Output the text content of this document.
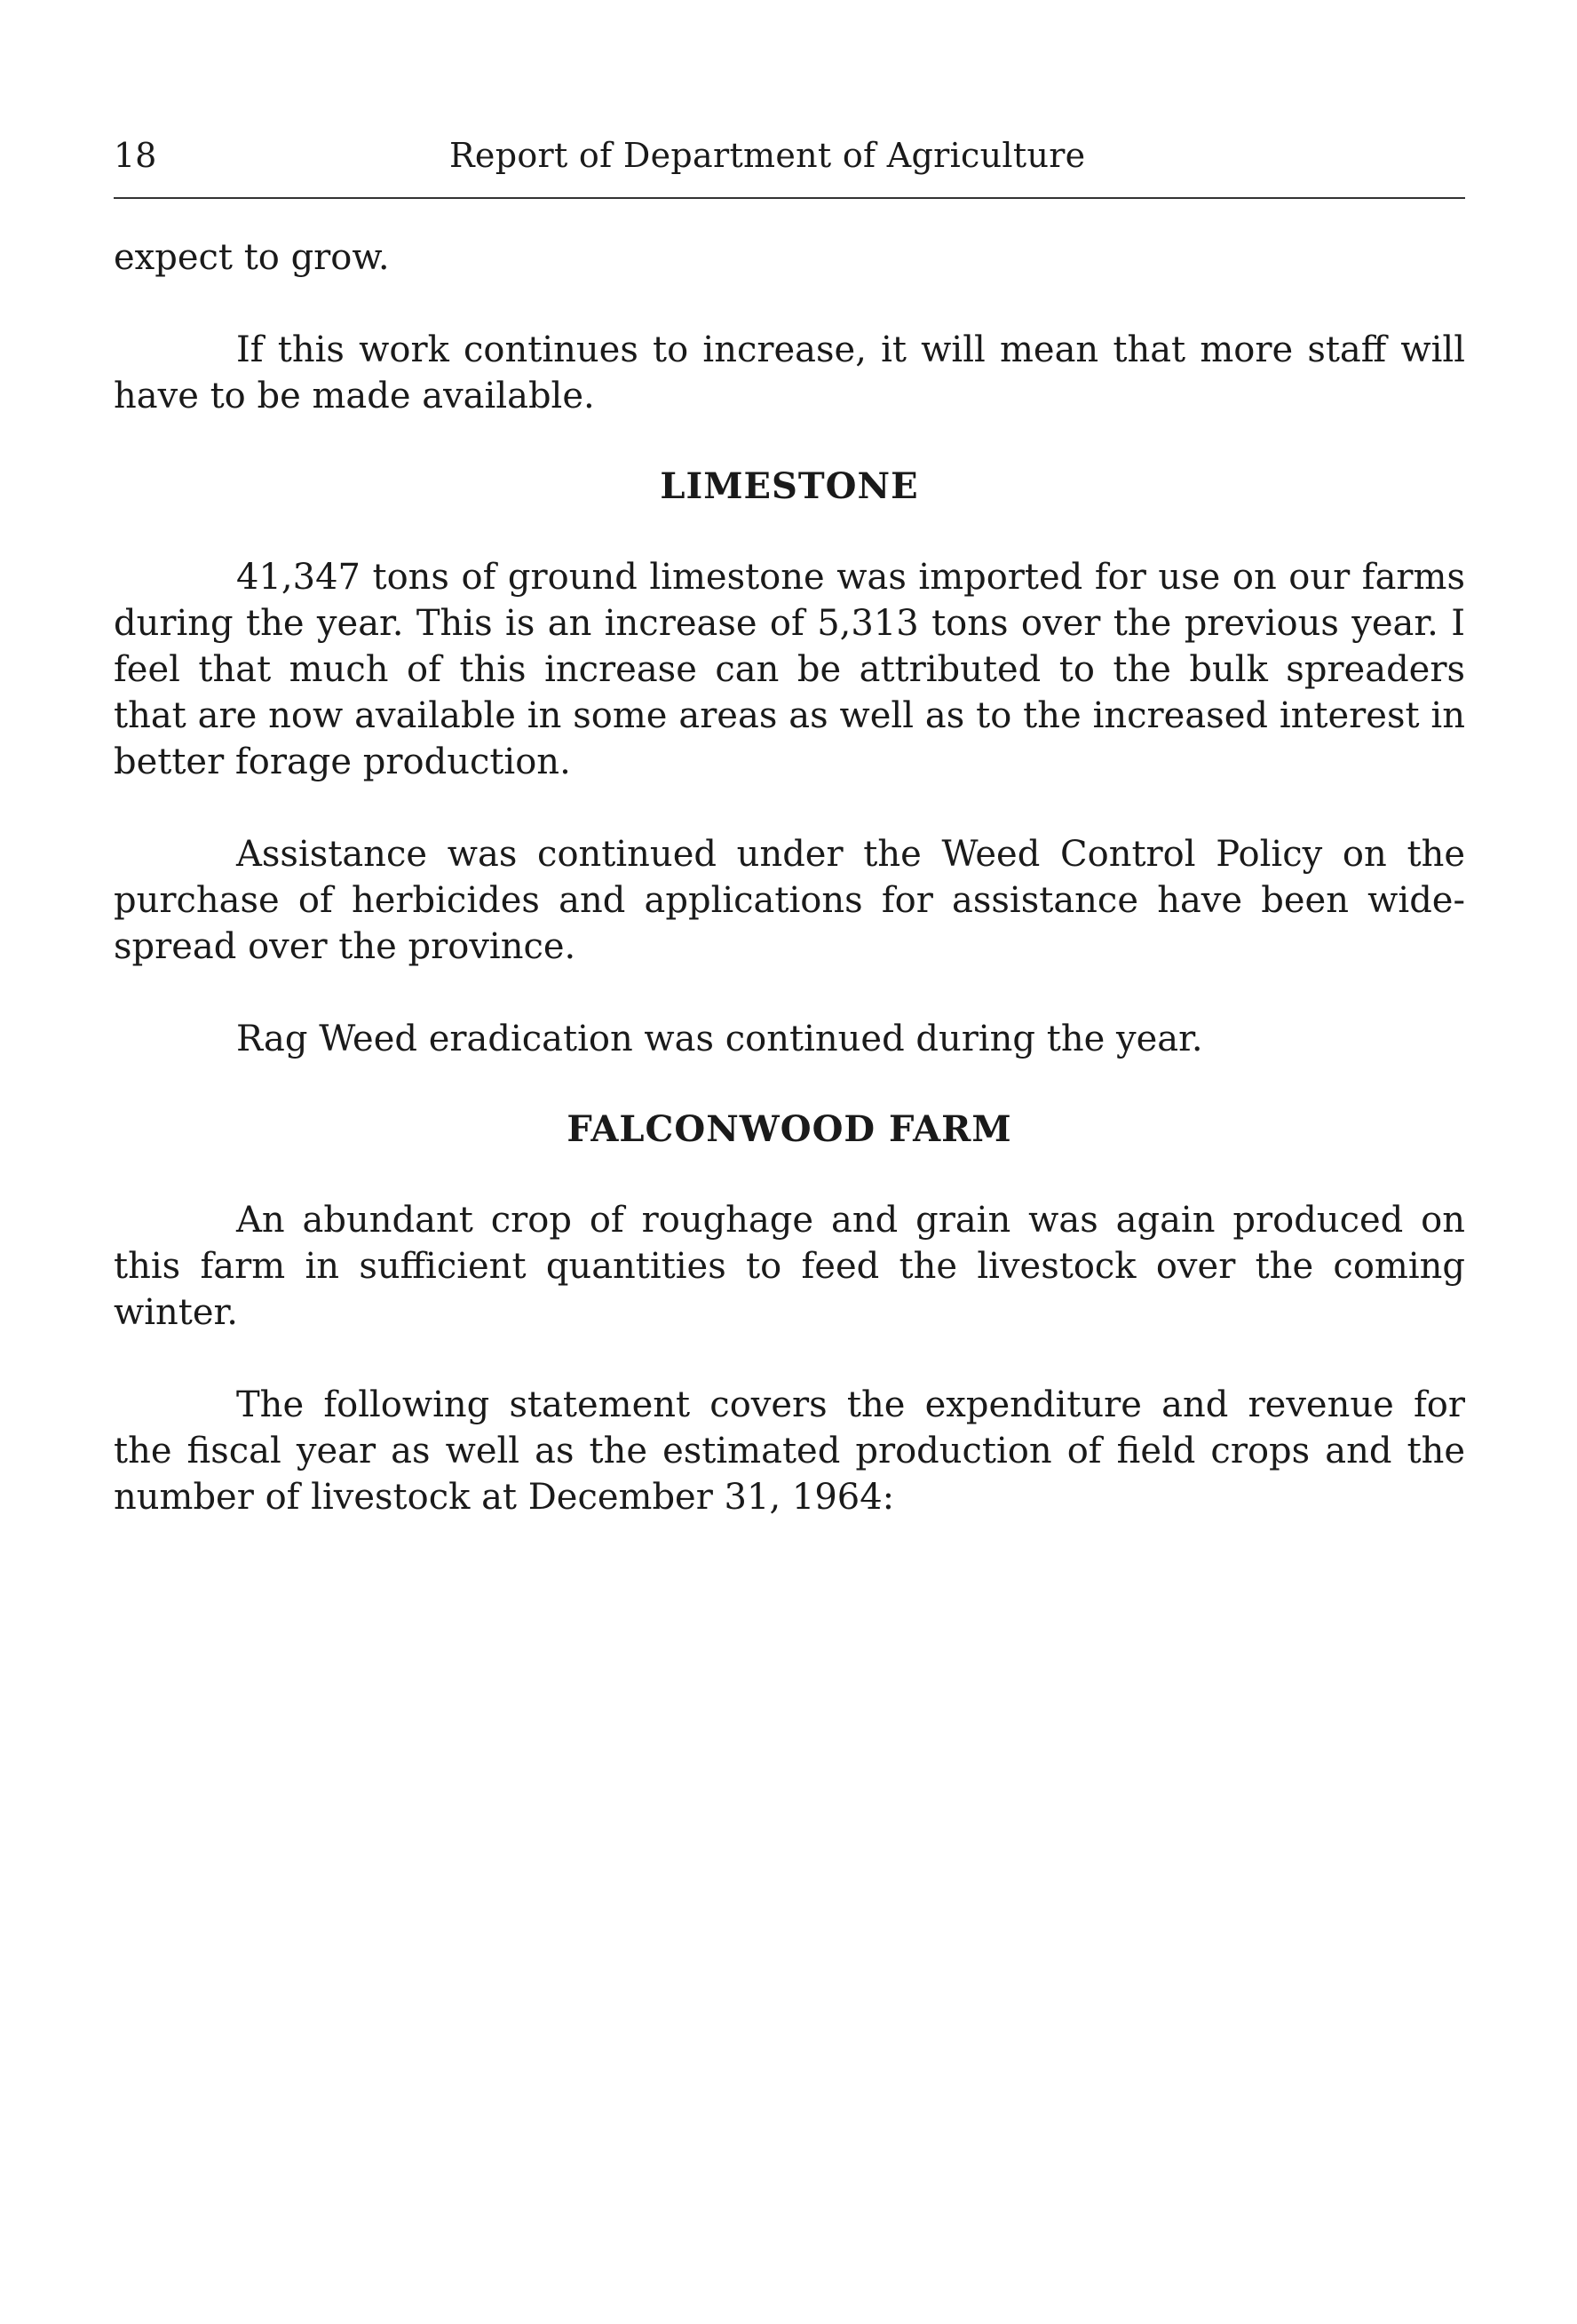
18	Report of Department of Agriculture

expect to grow.

If this work continues to increase, it will mean that more staff will have to be made available.

LIMESTONE

41,347 tons of ground limestone was imported for use on our farms during the year. This is an increase of 5,313 tons over the previous year. I feel that much of this increase can be attributed to the bulk spreaders that are now available in some areas as well as to the increased interest in better forage production.

Assistance was continued under the Weed Control Policy on the purchase of herbicides and applications for assistance have been wide-spread over the province.

Rag Weed eradication was continued during the year.

FALCONWOOD FARM

An abundant crop of roughage and grain was again produced on this farm in sufficient quantities to feed the livestock over the coming winter.

The following statement covers the expenditure and revenue for the fiscal year as well as the estimated production of field crops and the number of livestock at December 31, 1964:
